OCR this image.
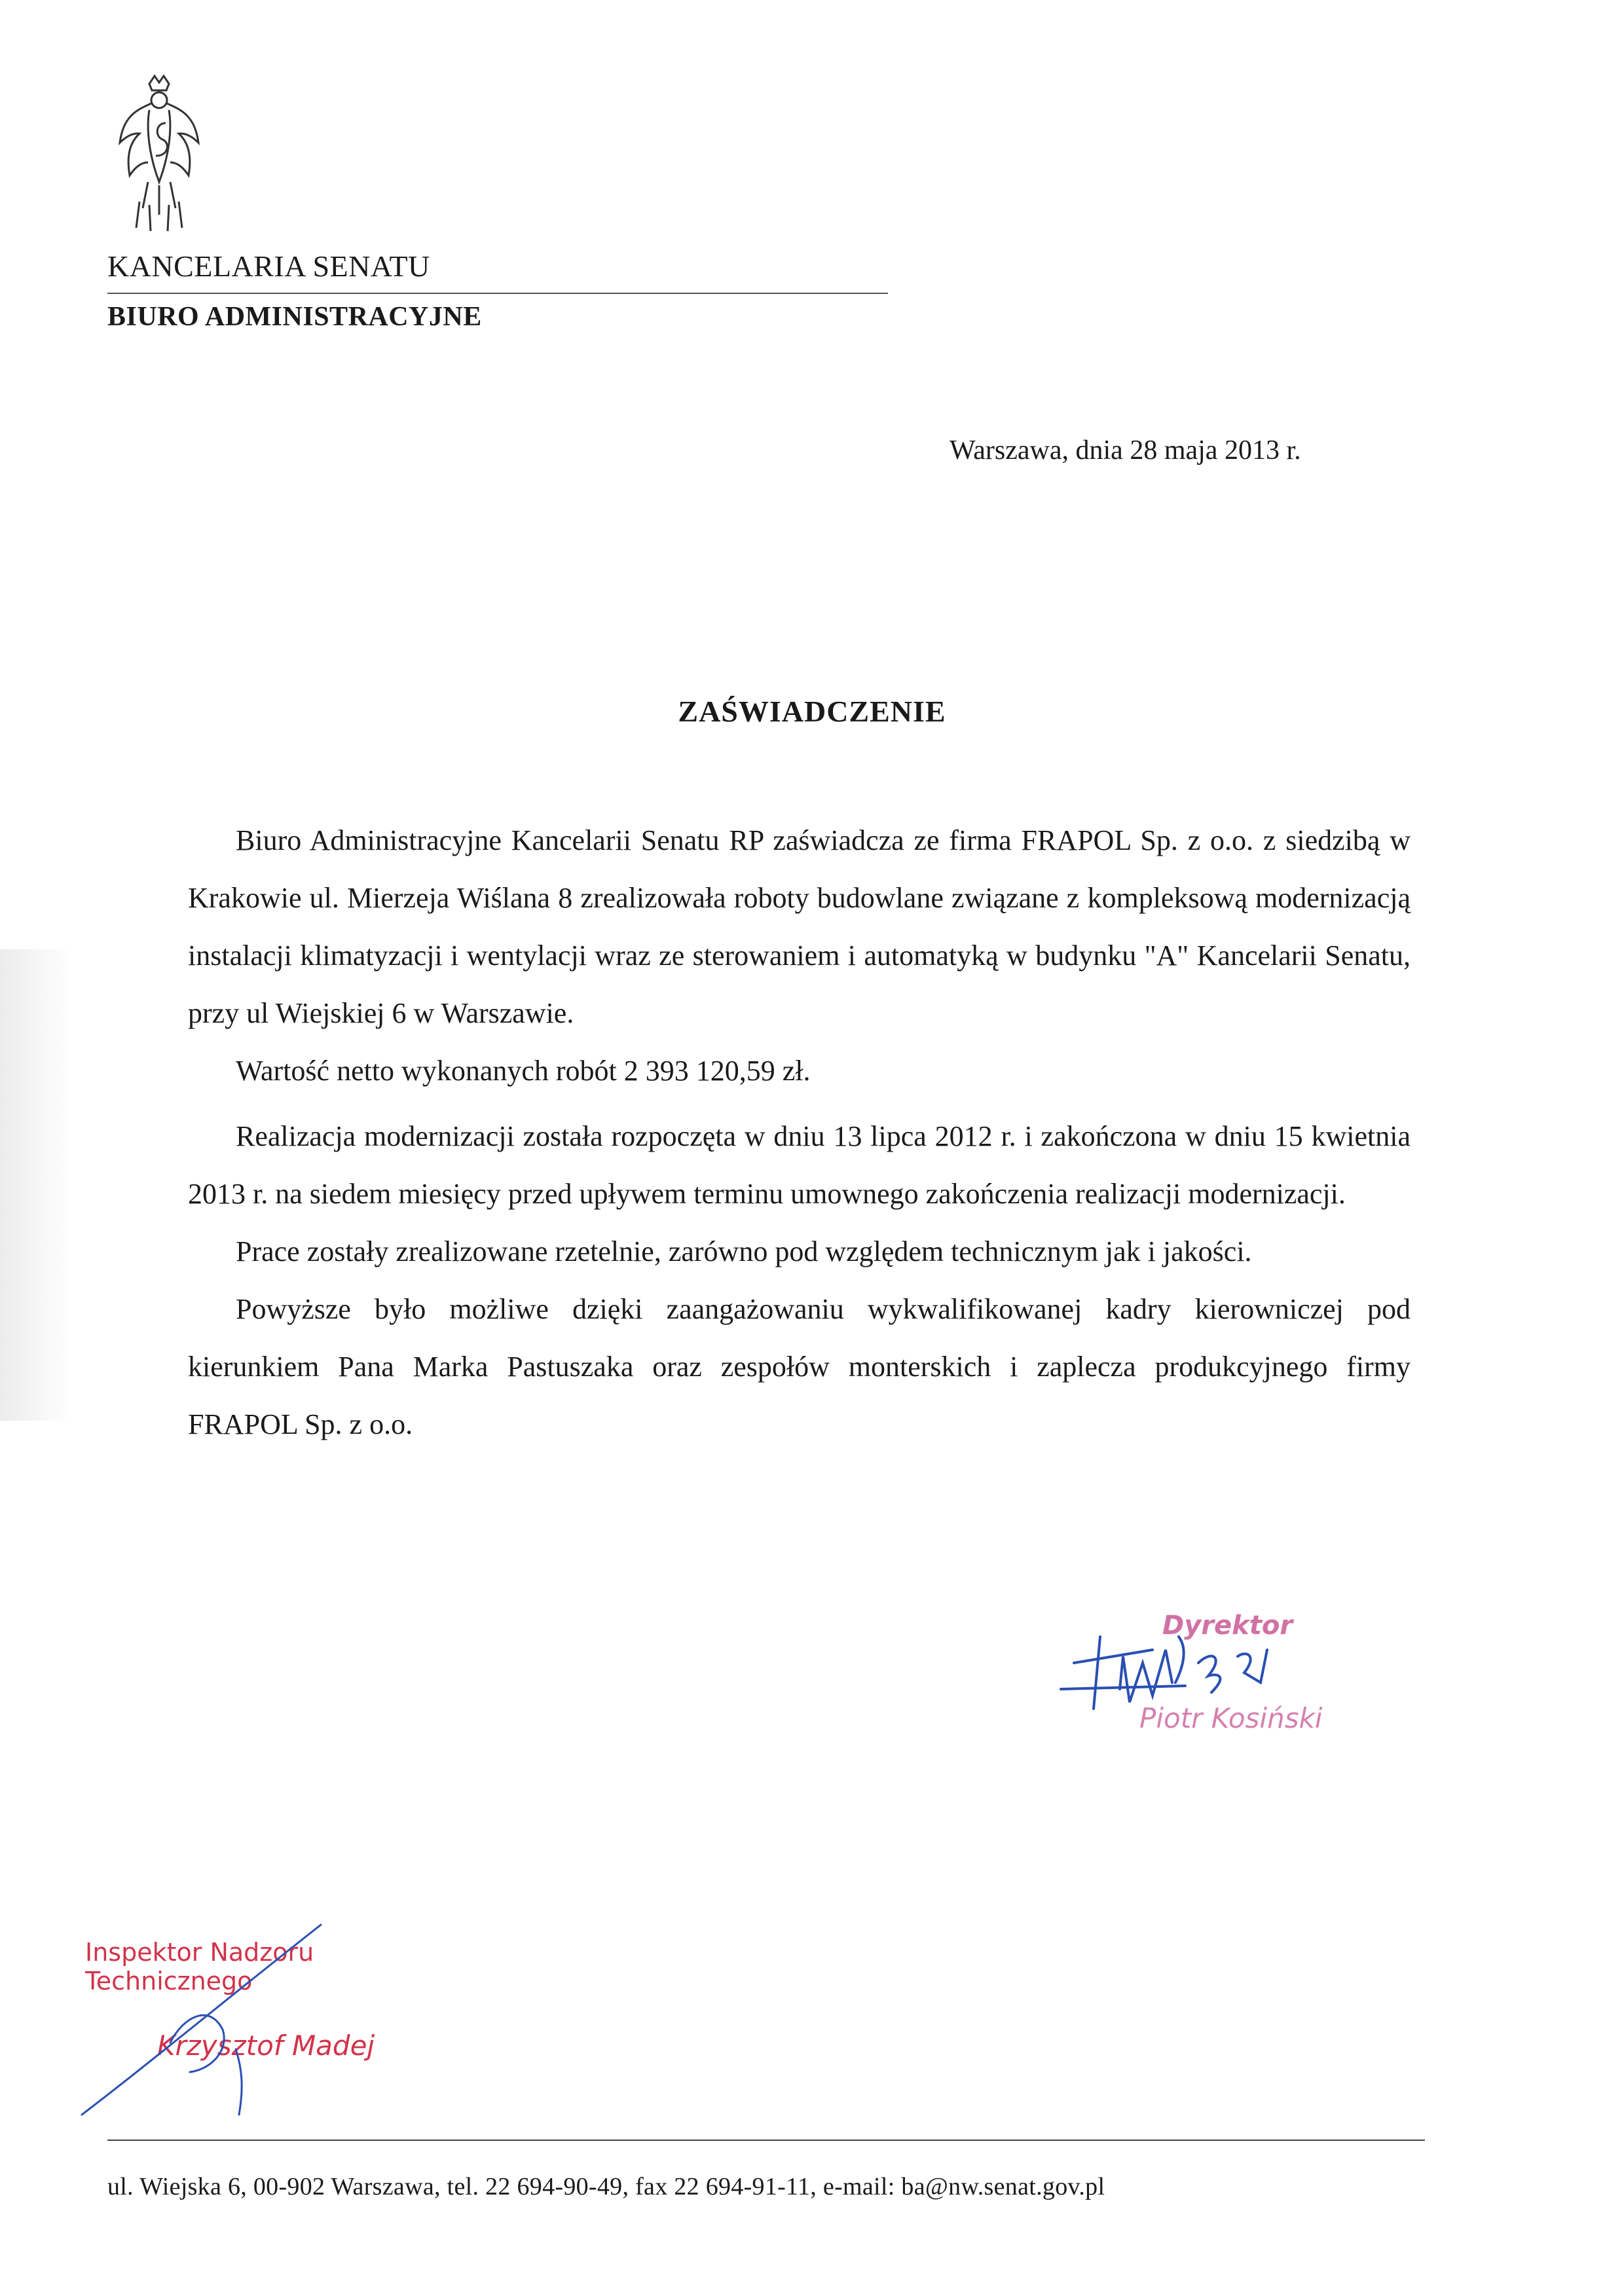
KANCELARIA SENATU
BIURO ADMINISTRACYJNE
Warszawa, dnia 28 maja 2013 r.
ZAŚWIADCZENIE

Biuro Administracyjne Kancelarii Senatu RP zaświadcza ze firma FRAPOL Sp. z o.o. z siedzibą w Krakowie ul. Mierzeja Wiślana 8 zrealizowała roboty budowlane związane z kompleksową modernizacją instalacji klimatyzacji i wentylacji wraz ze sterowaniem i automatyką w budynku "A" Kancelarii Senatu, przy ul Wiejskiej 6 w Warszawie.

Wartość netto wykonanych robót 2 393 120,59 zł.

Realizacja modernizacji została rozpoczęta w dniu 13 lipca 2012 r. i zakończona w dniu 15 kwietnia 2013 r. na siedem miesięcy przed upływem terminu umownego zakończenia realizacji modernizacji.

Prace zostały zrealizowane rzetelnie, zarówno pod względem technicznym jak i jakości.

Powyższe było możliwe dzięki zaangażowaniu wykwalifikowanej kadry kierowniczej pod kierunkiem Pana Marka Pastuszaka oraz zespołów monterskich i zaplecza produkcyjnego firmy FRAPOL Sp. z o.o.

Dyrektor
Piotr Kosiński
Inspektor Nadzoru Technicznego
Krzysztof Madej
ul. Wiejska 6, 00-902 Warszawa, tel. 22 694-90-49, fax 22 694-91-11, e-mail: ba@nw.senat.gov.pl
